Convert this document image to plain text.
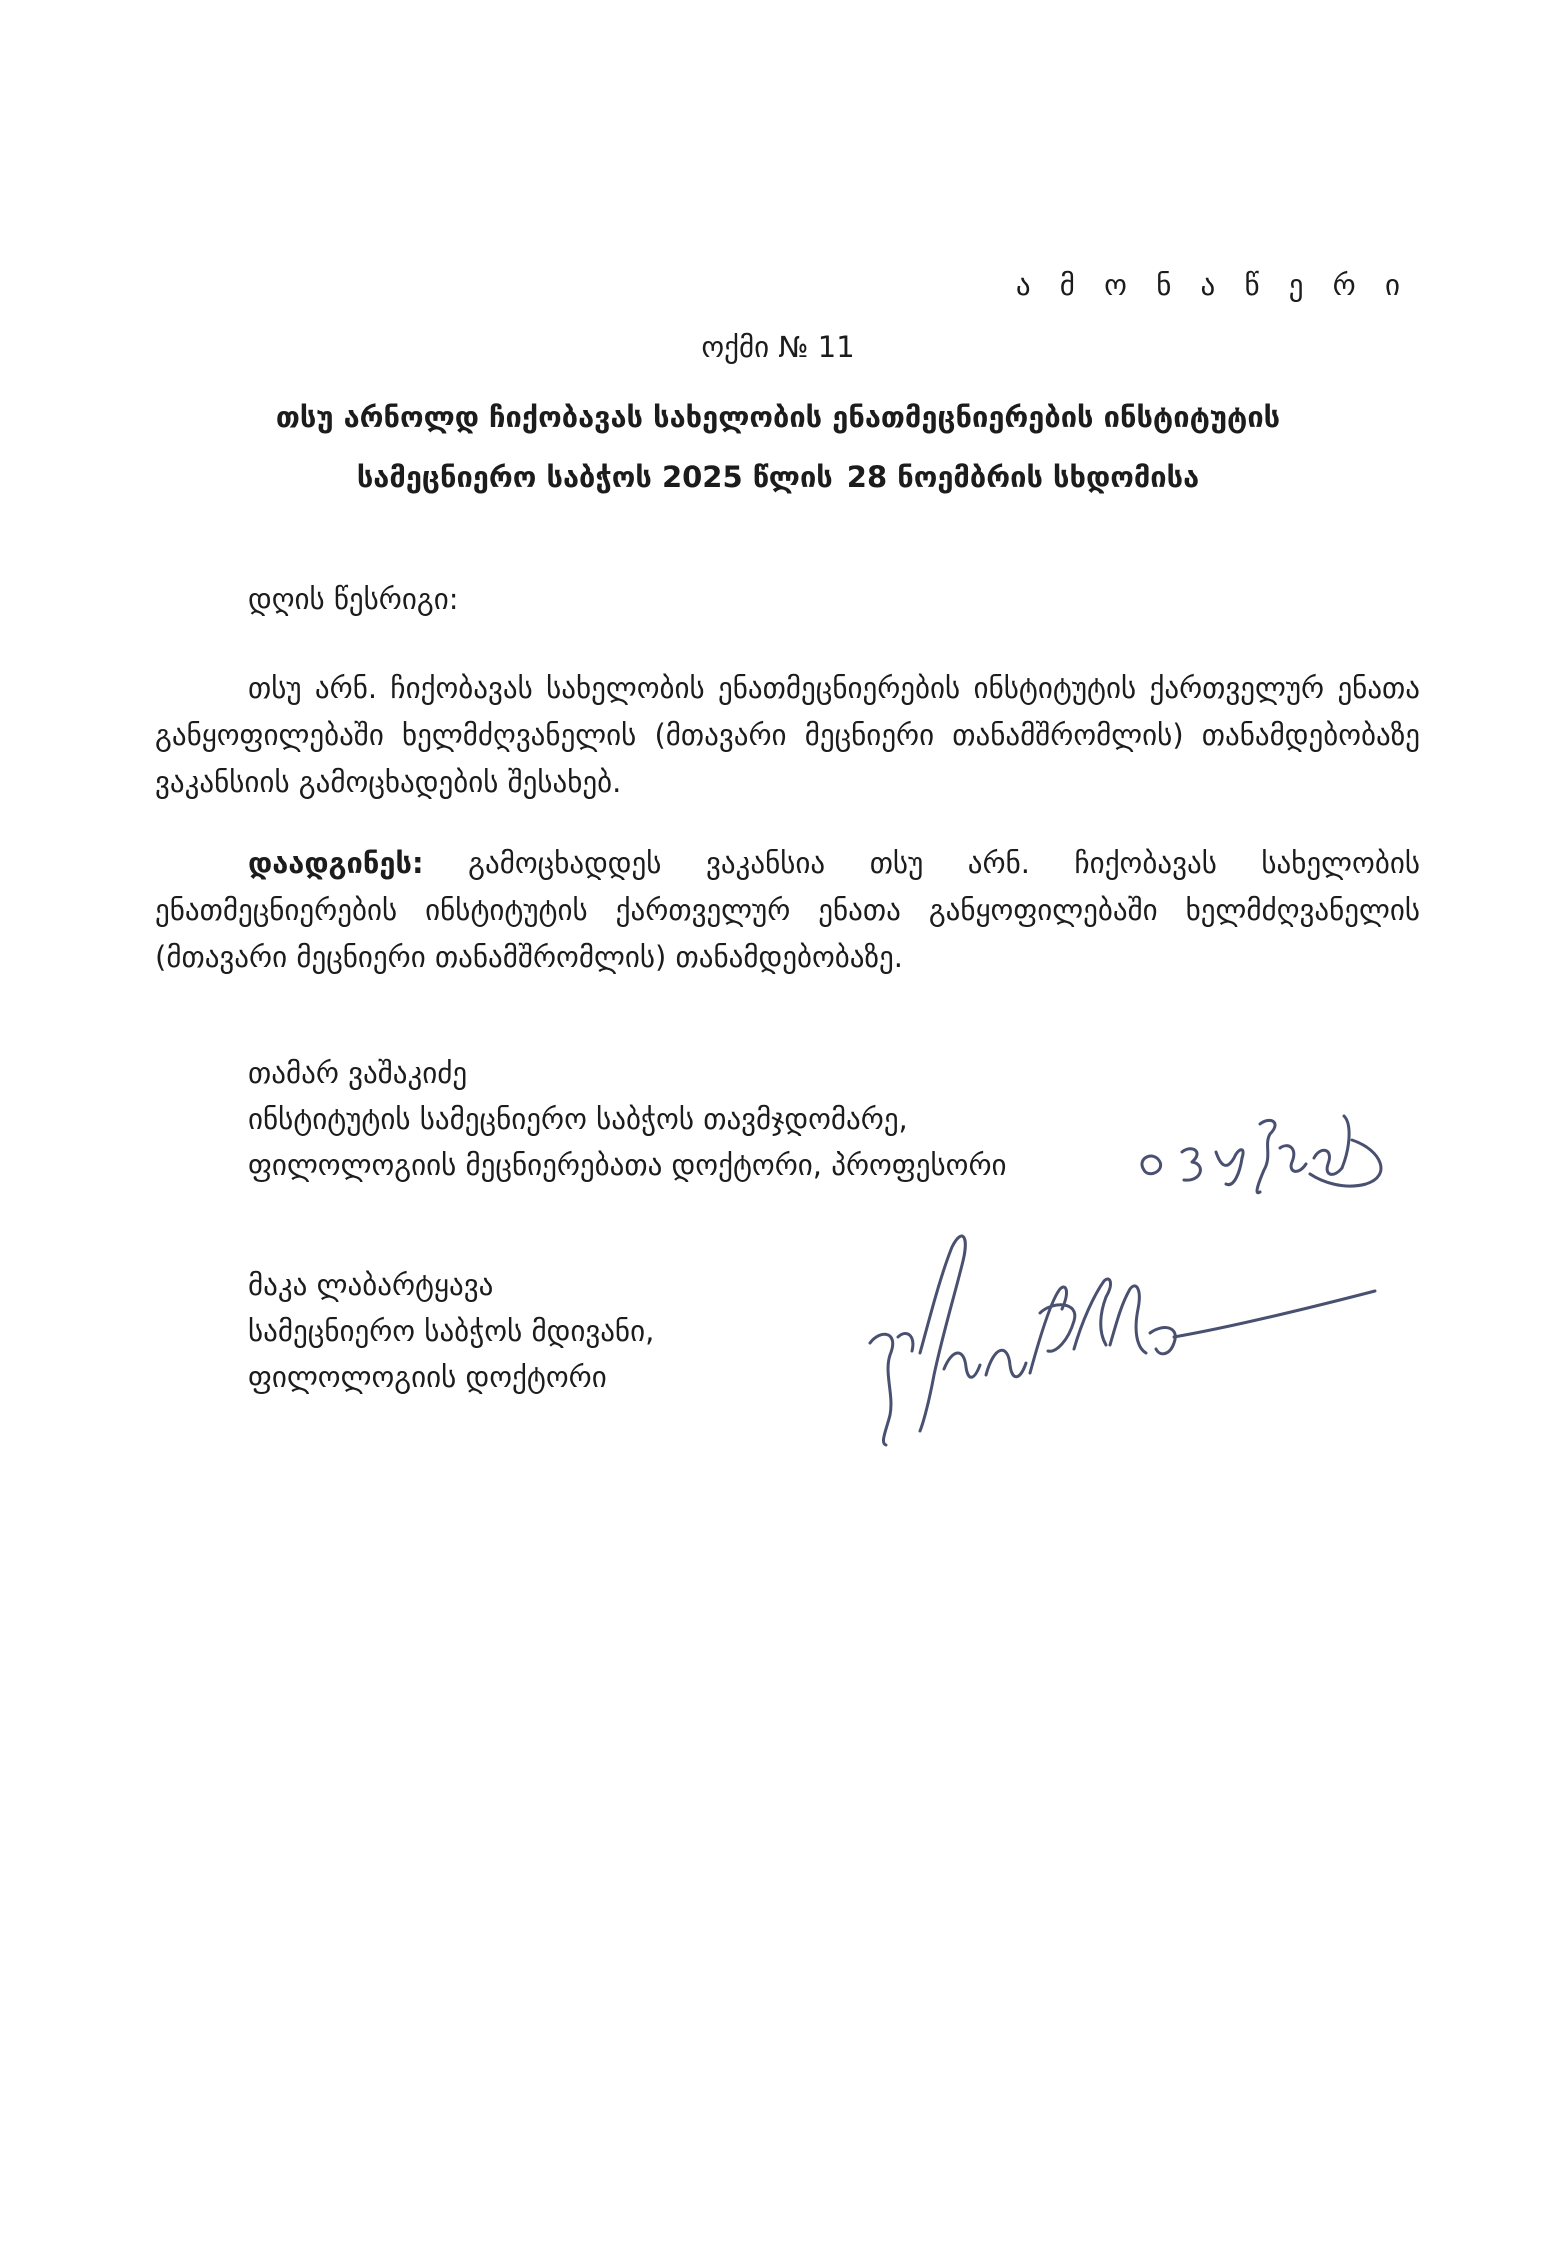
ა მ ო ნ ა წ ე რ ი
ოქმი № 11
თსუ არნოლდ ჩიქობავას სახელობის ენათმეცნიერების ინსტიტუტის
სამეცნიერო საბჭოს 2025 წლის 28 ნოემბრის სხდომისა
დღის წესრიგი:
თსუ არნ. ჩიქობავას სახელობის ენათმეცნიერების ინსტიტუტის ქართველურ ენათა განყოფილებაში ხელმძღვანელის (მთავარი მეცნიერი თანამშრომლის) თანამდებობაზე ვაკანსიის გამოცხადების შესახებ.
დაადგინეს: გამოცხადდეს ვაკანსია თსუ არნ. ჩიქობავას სახელობის ენათმეცნიერების ინსტიტუტის ქართველურ ენათა განყოფილებაში ხელმძღვანელის (მთავარი მეცნიერი თანამშრომლის) თანამდებობაზე.
თამარ ვაშაკიძე
ინსტიტუტის სამეცნიერო საბჭოს თავმჯდომარე,
ფილოლოგიის მეცნიერებათა დოქტორი, პროფესორი
მაკა ლაბარტყავა
სამეცნიერო საბჭოს მდივანი,
ფილოლოგიის დოქტორი
